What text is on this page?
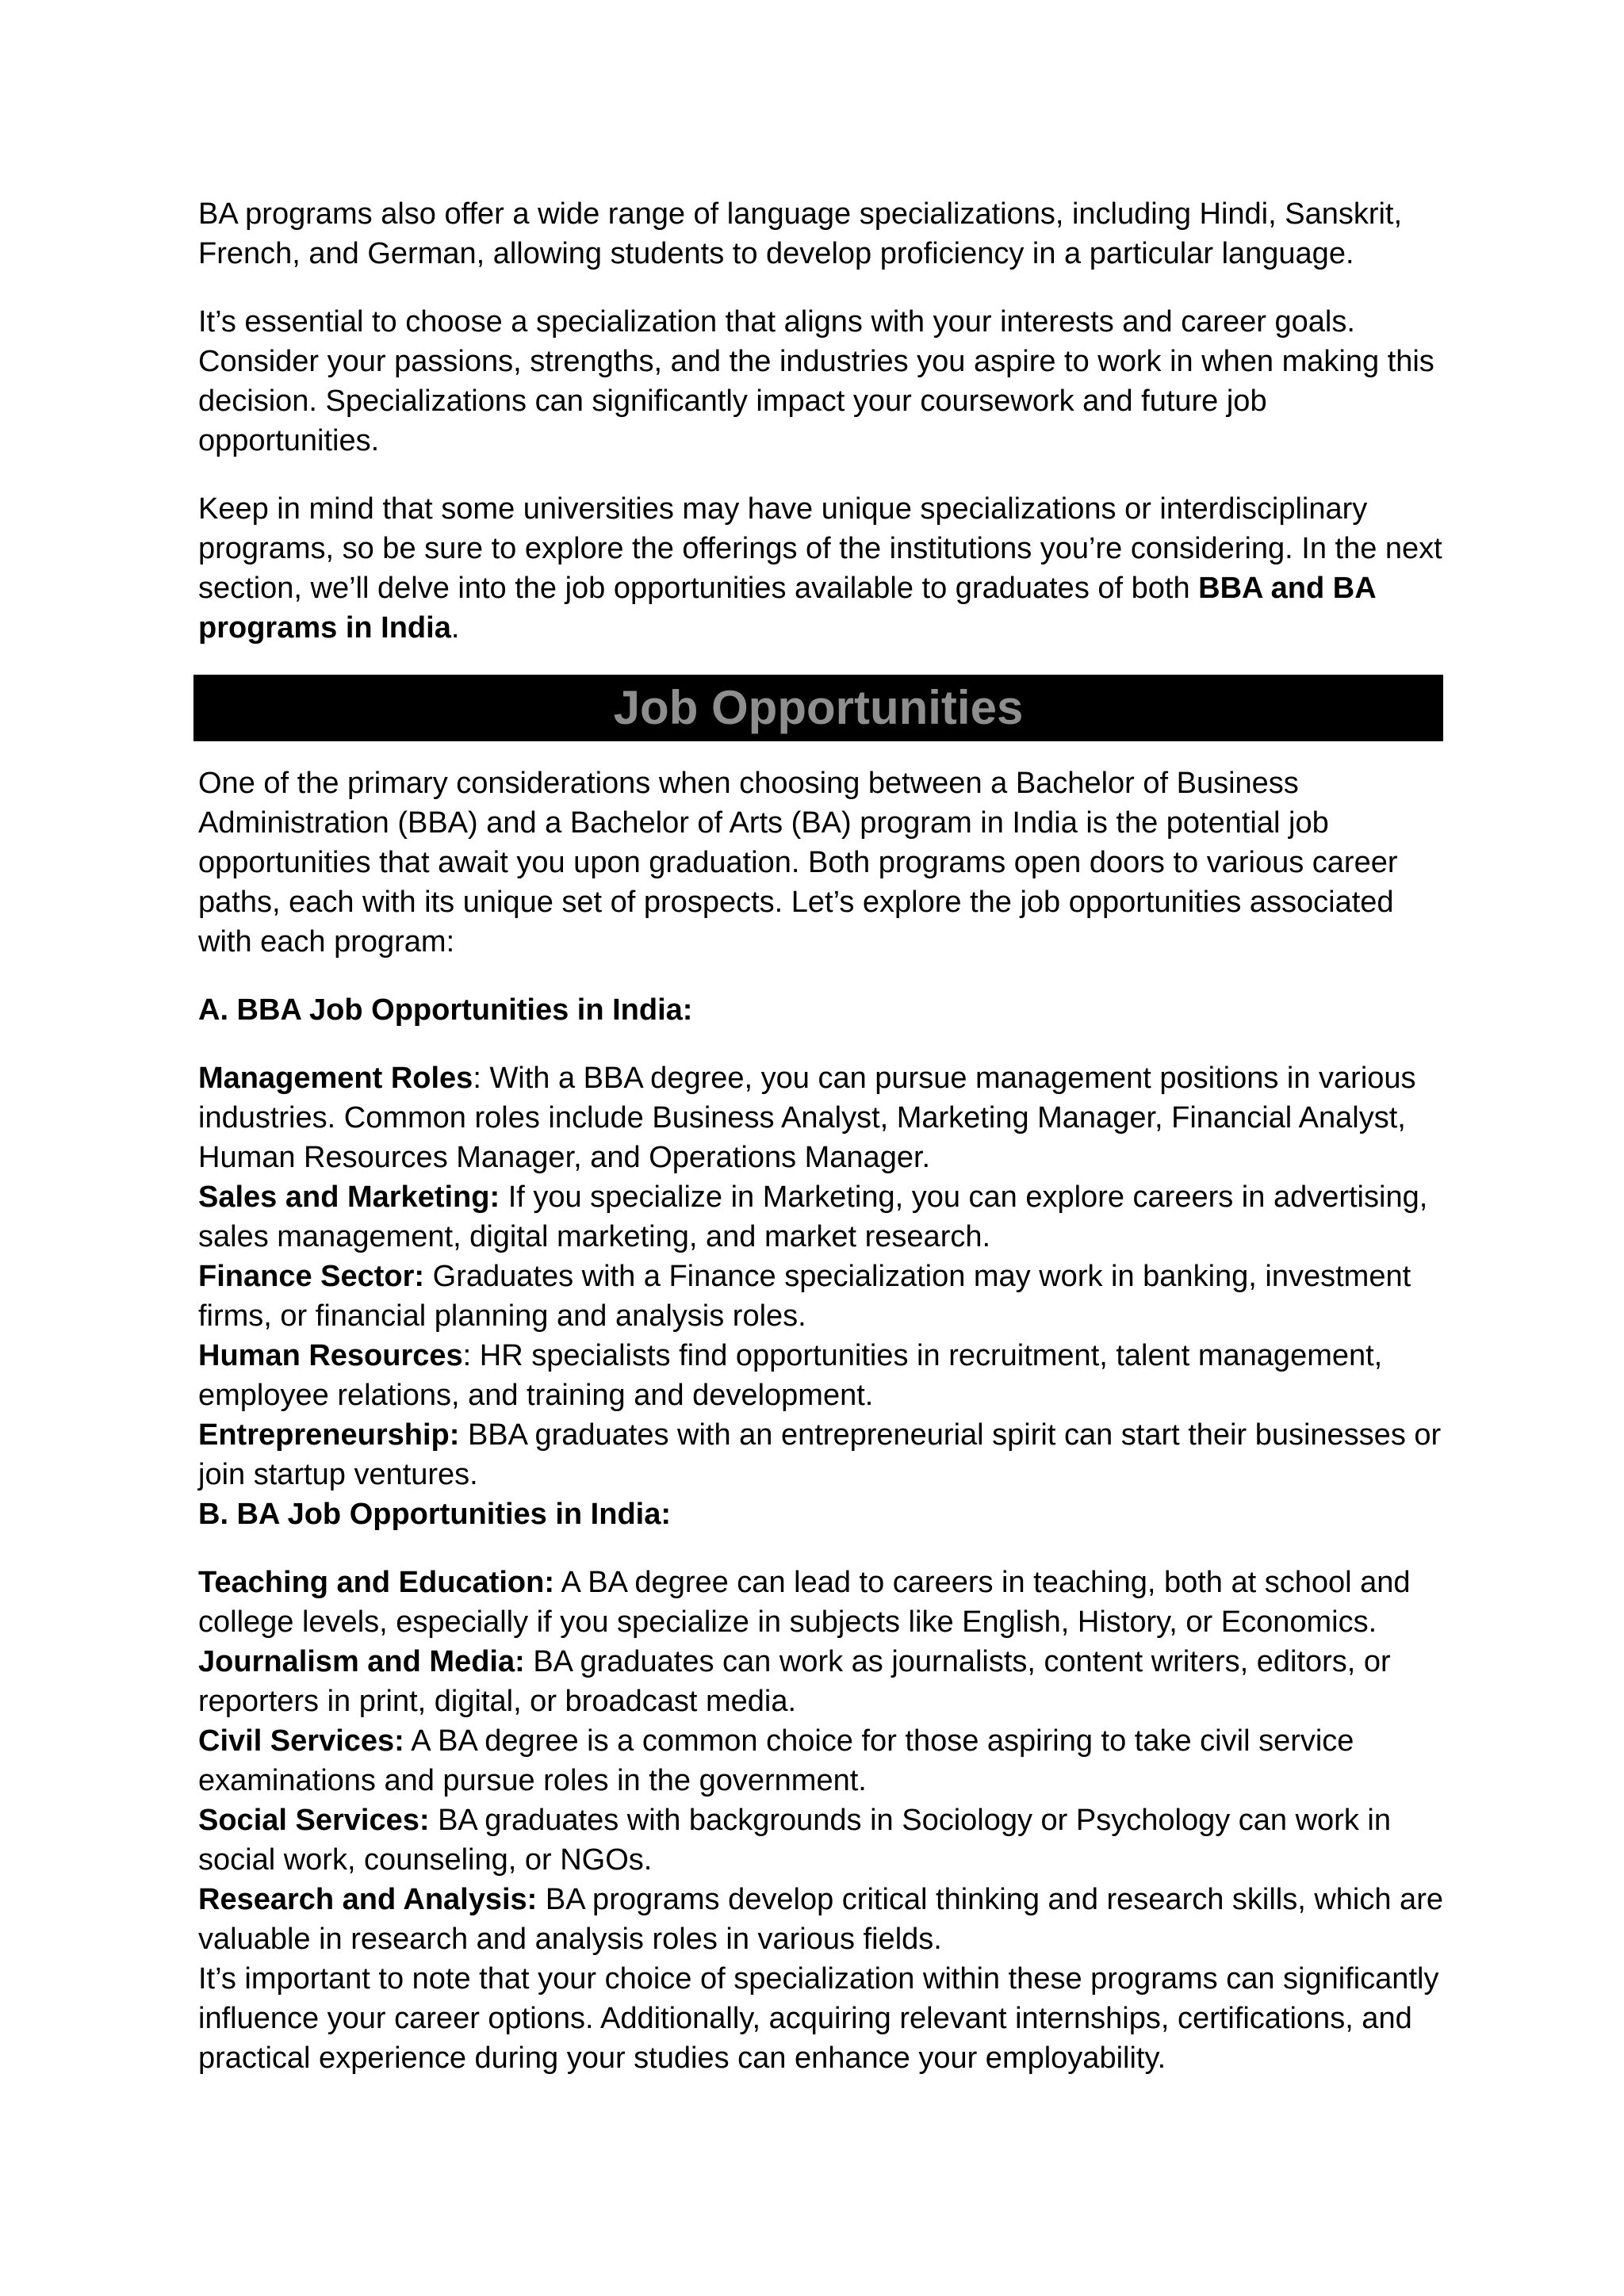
BA programs also offer a wide range of language specializations, including Hindi, Sanskrit, French, and German, allowing students to develop proficiency in a particular language.

It’s essential to choose a specialization that aligns with your interests and career goals. Consider your passions, strengths, and the industries you aspire to work in when making this decision. Specializations can significantly impact your coursework and future job opportunities.

Keep in mind that some universities may have unique specializations or interdisciplinary programs, so be sure to explore the offerings of the institutions you’re considering. In the next section, we’ll delve into the job opportunities available to graduates of both BBA and BA programs in India.

Job Opportunities

One of the primary considerations when choosing between a Bachelor of Business Administration (BBA) and a Bachelor of Arts (BA) program in India is the potential job opportunities that await you upon graduation. Both programs open doors to various career paths, each with its unique set of prospects. Let’s explore the job opportunities associated with each program:

A. BBA Job Opportunities in India:

Management Roles: With a BBA degree, you can pursue management positions in various industries. Common roles include Business Analyst, Marketing Manager, Financial Analyst, Human Resources Manager, and Operations Manager.

Sales and Marketing: If you specialize in Marketing, you can explore careers in advertising, sales management, digital marketing, and market research.

Finance Sector: Graduates with a Finance specialization may work in banking, investment firms, or financial planning and analysis roles.

Human Resources: HR specialists find opportunities in recruitment, talent management, employee relations, and training and development.

Entrepreneurship: BBA graduates with an entrepreneurial spirit can start their businesses or join startup ventures.

B. BA Job Opportunities in India:

Teaching and Education: A BA degree can lead to careers in teaching, both at school and college levels, especially if you specialize in subjects like English, History, or Economics.

Journalism and Media: BA graduates can work as journalists, content writers, editors, or reporters in print, digital, or broadcast media.

Civil Services: A BA degree is a common choice for those aspiring to take civil service examinations and pursue roles in the government.

Social Services: BA graduates with backgrounds in Sociology or Psychology can work in social work, counseling, or NGOs.

Research and Analysis: BA programs develop critical thinking and research skills, which are valuable in research and analysis roles in various fields.

It’s important to note that your choice of specialization within these programs can significantly influence your career options. Additionally, acquiring relevant internships, certifications, and practical experience during your studies can enhance your employability.
